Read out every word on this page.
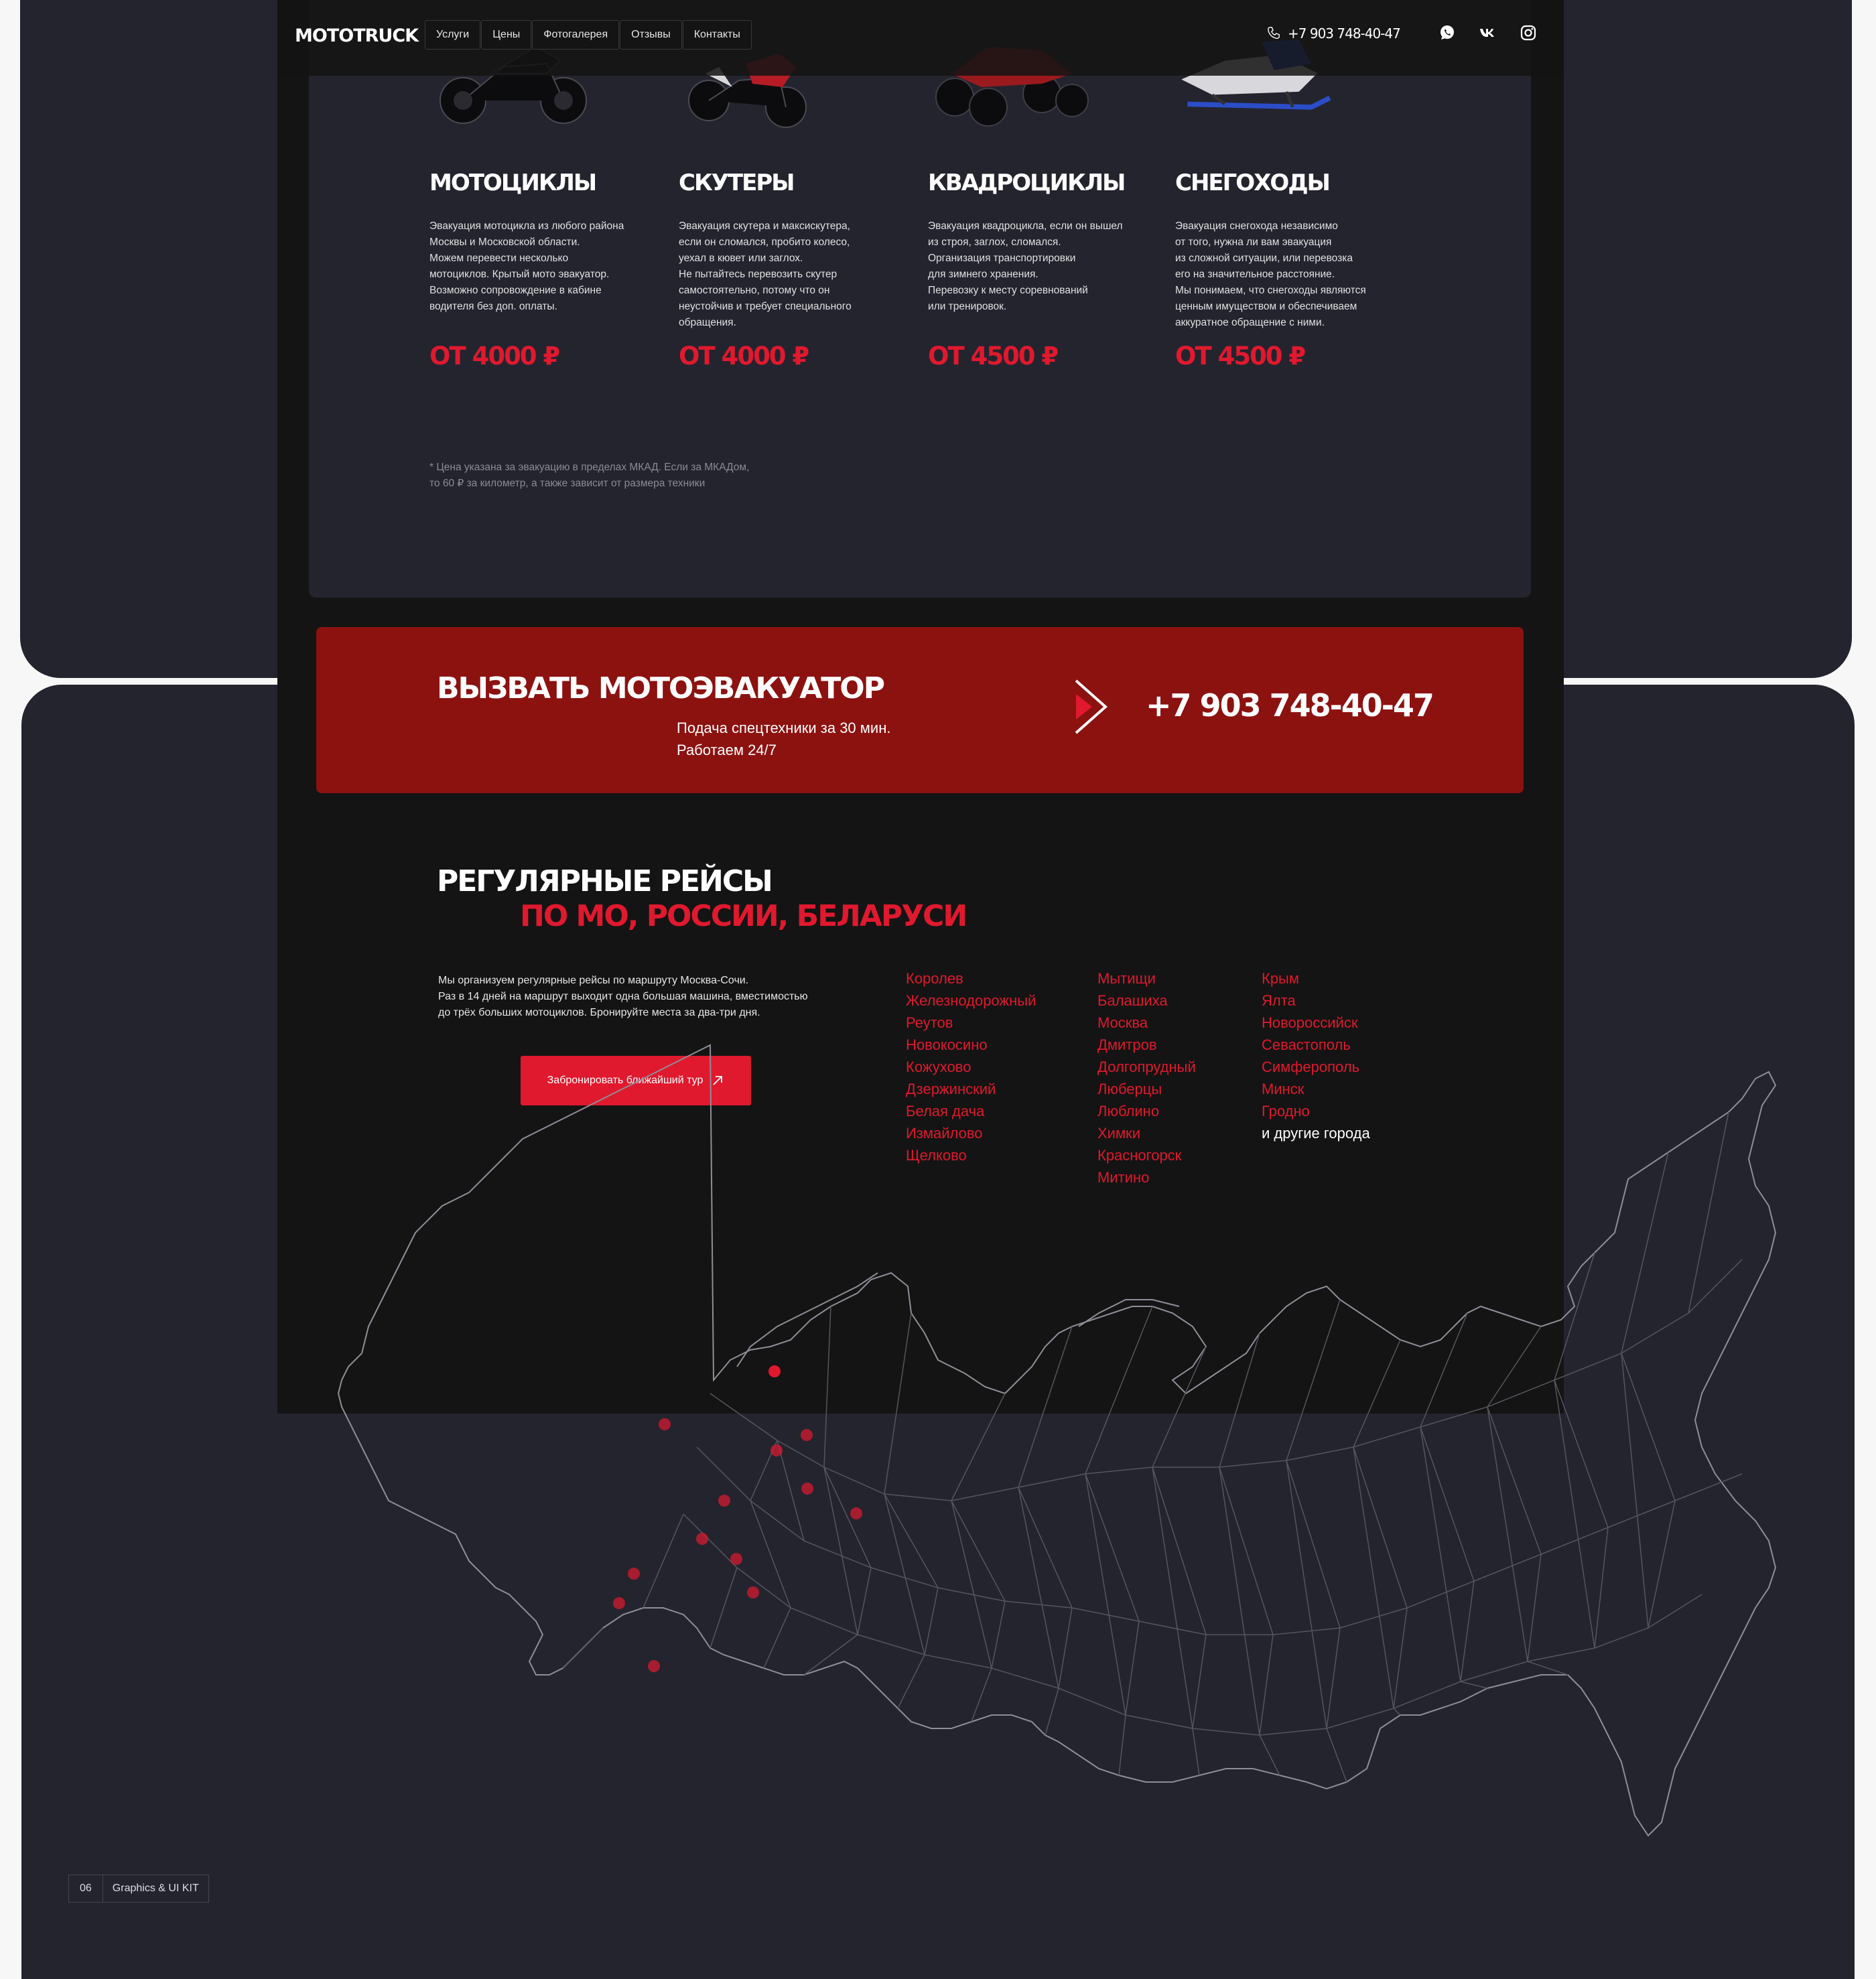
МОТОЦИКЛЫ

Эвакуация мотоцикла из любого района

Москвы и Московской области.

Можем перевести несколько

мотоциклов. Крытый мото эвакуатор.

Возможно сопровождение в кабине

водителя без доп. оплаты.

ОТ 4000 ₽
СКУТЕРЫ

Эвакуация скутера и максискутера,

если он сломался, пробито колесо,

уехал в кювет или заглох.

Не пытайтесь перевозить скутер

самостоятельно, потому что он

неустойчив и требует специального

обращения.

ОТ 4000 ₽
КВАДРОЦИКЛЫ

Эвакуация квадроцикла, если он вышел

из строя, заглох, сломался.

Организация транспортировки

для зимнего хранения.

Перевозку к месту соревнований

или тренировок.

ОТ 4500 ₽
СНЕГОХОДЫ

Эвакуация снегохода независимо

от того, нужна ли вам эвакуация

из сложной ситуации, или перевозка

его на значительное расстояние.

Мы понимаем, что снегоходы являются

ценным имуществом и обеспечиваем

аккуратное обращение с ними.

ОТ 4500 ₽

* Цена указана за эвакуацию в пределах МКАД. Если за МКАДом,

то 60 ₽ за километр, а также зависит от размера техники

MOTOTRUCK	Услуги	Цены	Фотогалерея	Отзывы	Контакты	+7 903 748-40-47
ВЫЗВАТЬ МОТОЭВАКУАТОР

Подача спецтехники за 30 мин.

Работаем 24/7

+7 903 748-40-47
РЕГУЛЯРНЫЕ РЕЙСЫ
ПО МО, РОССИИ, БЕЛАРУСИ

Мы организуем регулярные рейсы по маршруту Москва-Сочи.

Раз в 14 дней на маршрут выходит одна большая машина, вместимостью

до трёх больших мотоциклов. Бронируйте места за два-три дня.

Забронировать ближайший тур
Королев
Железнодорожный
Реутов
Новокосино
Кожухово
Дзержинский
Белая дача
Измайлово
Щелково
Мытищи
Балашиха
Москва
Дмитров
Долгопрудный
Люберцы
Люблино
Химки
Красногорск
Митино
Крым
Ялта
Новороссийск
Севастополь
Симферополь
Минск
Гродно
и другие города
06	Graphics & UI KIT
